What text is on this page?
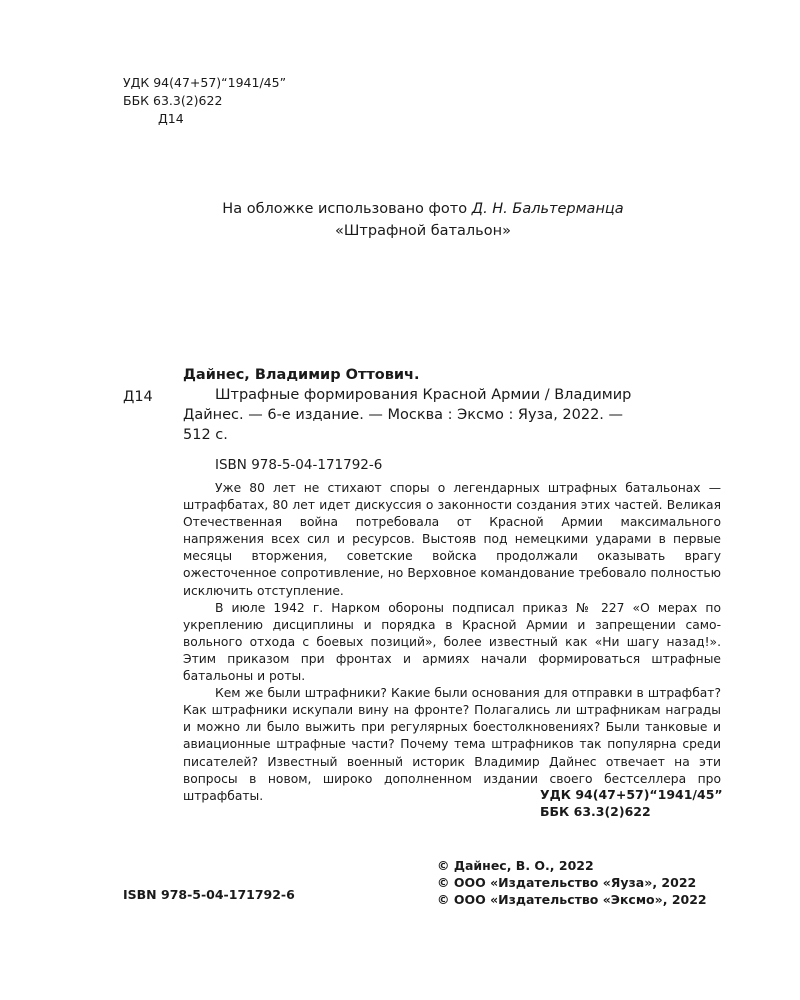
УДК 94(47+57)“1941/45”
ББК 63.3(2)622
Д14
На обложке использовано фото Д. Н. Бальтерманца
«Штрафной батальон»
Дайнес, Владимир Оттович.
Д14	Штрафные формирования Красной Армии / Владимир
Дайнес. — 6-е издание. — Москва : Эксмо : Яуза, 2022. —
512 с.
ISBN 978-5-04-171792-6

Уже 80 лет не стихают споры о легендарных штрафных батальонах — штрафбатах, 80 лет идет дискуссия о законности создания этих частей. Великая Отечественная война потребовала от Красной Армии максимального напряжения всех сил и ресурсов. Выстояв под немецкими ударами в первые месяцы вторжения, советские войска продолжали оказывать врагу ожесточенное сопротивление, но Верховное командование требовало полностью исключить отступление.

В июле 1942 г. Нарком обороны подписал приказ № 227 «О мерах по укреплению дисциплины и порядка в Красной Армии и запрещении самовольного отхода с боевых позиций», более известный как «Ни шагу назад!». Этим приказом при фронтах и армиях начали формироваться штрафные батальоны и роты.

Кем же были штрафники? Какие были основания для отправки в штрафбат? Как штрафники искупали вину на фронте? Полагались ли штрафникам награды и можно ли было выжить при регулярных боестолкновениях? Были танковые и авиационные штрафные части? Почему тема штрафников так популярна среди писателей? Известный военный историк Владимир Дайнес отвечает на эти вопросы в новом, широко дополненном издании своего бестселлера про штрафбаты.	УДК 94(47+57)“1941/45”
ББК 63.3(2)622
© Дайнес, В. О., 2022
© ООО «Издательство «Яуза», 2022
© ООО «Издательство «Эксмо», 2022
ISBN 978-5-04-171792-6
